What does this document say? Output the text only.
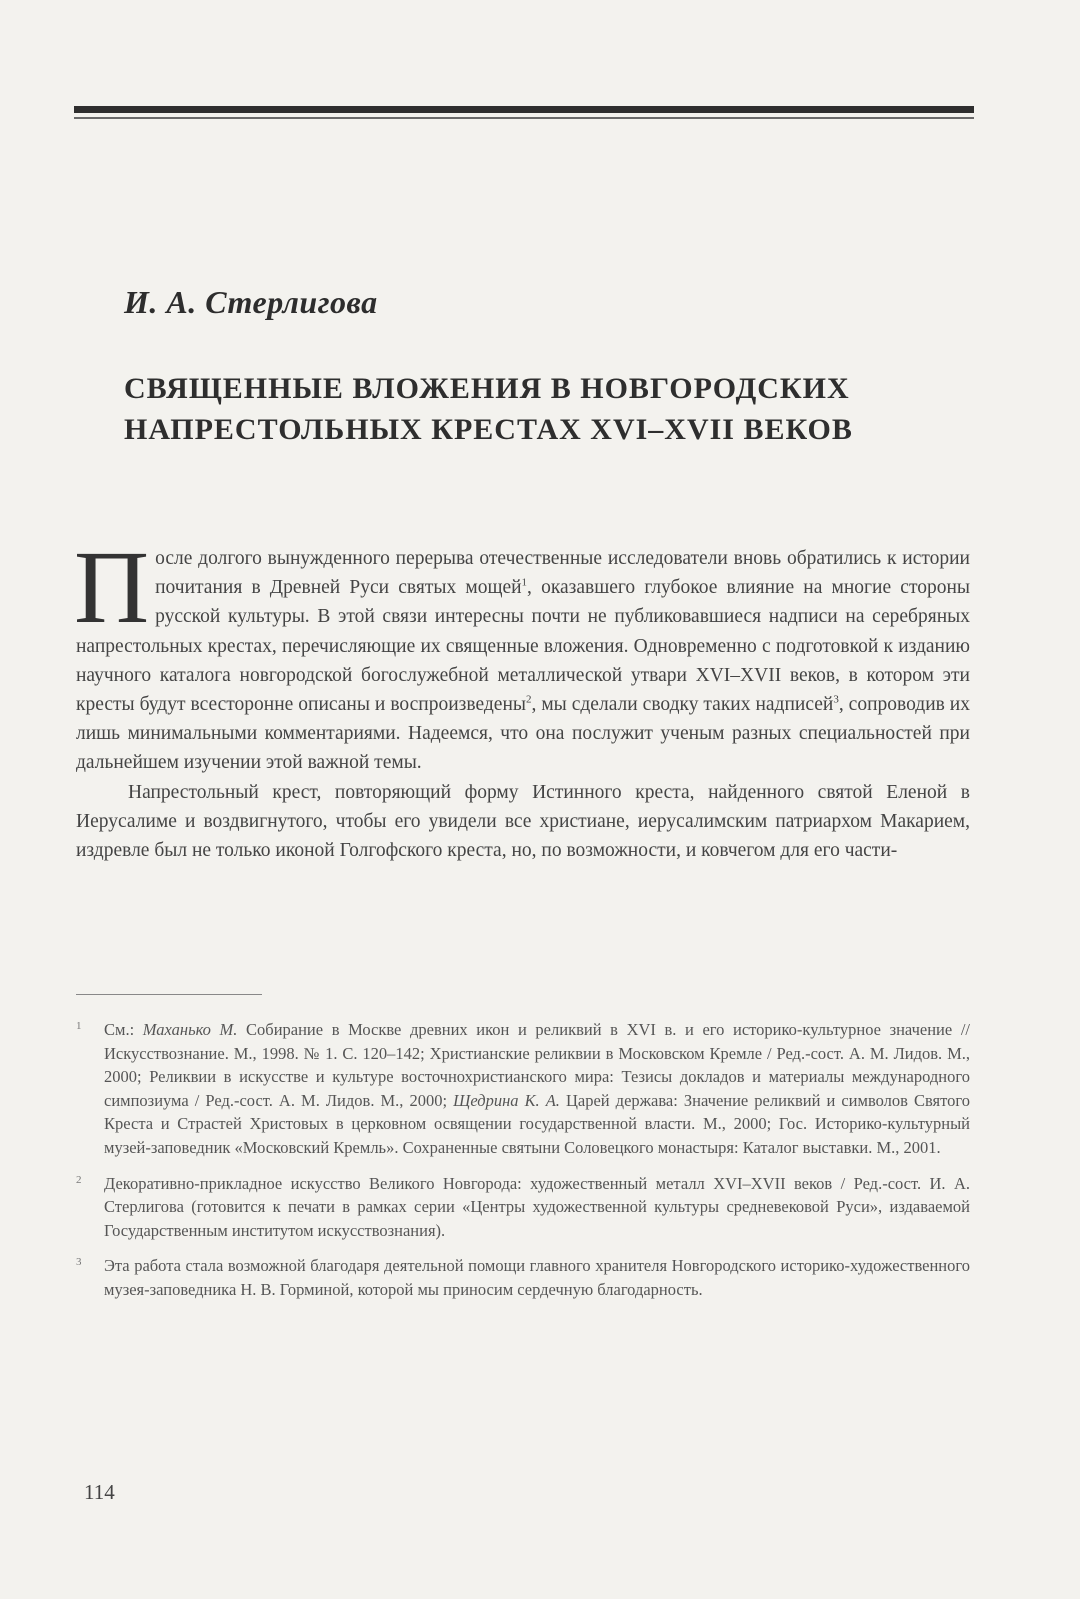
И. А. Стерлигова
СВЯЩЕННЫЕ ВЛОЖЕНИЯ В НОВГОРОДСКИХ
НАПРЕСТОЛЬНЫХ КРЕСТАХ XVI–XVII ВЕКОВ

После долгого вынужденного перерыва отечественные исследователи вновь обратились к истории почитания в Древней Руси святых мощей$^1$, оказавшего глубокое влияние на многие стороны русской культуры. В этой связи интересны почти не публиковавшиеся надписи на серебряных напрестольных крестах, перечисляющие их священные вложения. Одновременно с подготовкой к изданию научного каталога новгородской богослужебной металлической утвари XVI–XVII веков, в котором эти кресты будут всесторонне описаны и воспроизведены$^2$, мы сделали сводку таких надписей$^3$, сопроводив их лишь минимальными комментариями. Надеемся, что она послужит ученым разных специальностей при дальнейшем изучении этой важной темы.

Напрестольный крест, повторяющий форму Истинного креста, найденного святой Еленой в Иерусалиме и воздвигнутого, чтобы его увидели все христиане, иерусалимским патриархом Макарием, издревле был не только иконой Голгофского креста, но, по возможности, и ковчегом для его части-

1	См.: Маханько М. Собирание в Москве древних икон и реликвий в XVI в. и его историко-культурное значение // Искусствознание. М., 1998. № 1. С. 120–142; Христианские реликвии в Московском Кремле / Ред.-сост. А. М. Лидов. М., 2000; Реликвии в искусстве и культуре восточнохристианского мира: Тезисы докладов и материалы международного симпозиума / Ред.-сост. А. М. Лидов. М., 2000; Щедрина К. А. Царей держава: Значение реликвий и символов Святого Креста и Страстей Христовых в церковном освящении государственной власти. М., 2000; Гос. Историко-культурный музей-заповедник «Московский Кремль». Сохраненные святыни Соловецкого монастыря: Каталог выставки. М., 2001.
2	Декоративно-прикладное искусство Великого Новгорода: художественный металл XVI–XVII веков / Ред.-сост. И. А. Стерлигова (готовится к печати в рамках серии «Центры художественной культуры средневековой Руси», издаваемой Государственным институтом искусствознания).
3	Эта работа стала возможной благодаря деятельной помощи главного хранителя Новгородского историко-художественного музея-заповедника Н. В. Горминой, которой мы приносим сердечную благодарность.
114
